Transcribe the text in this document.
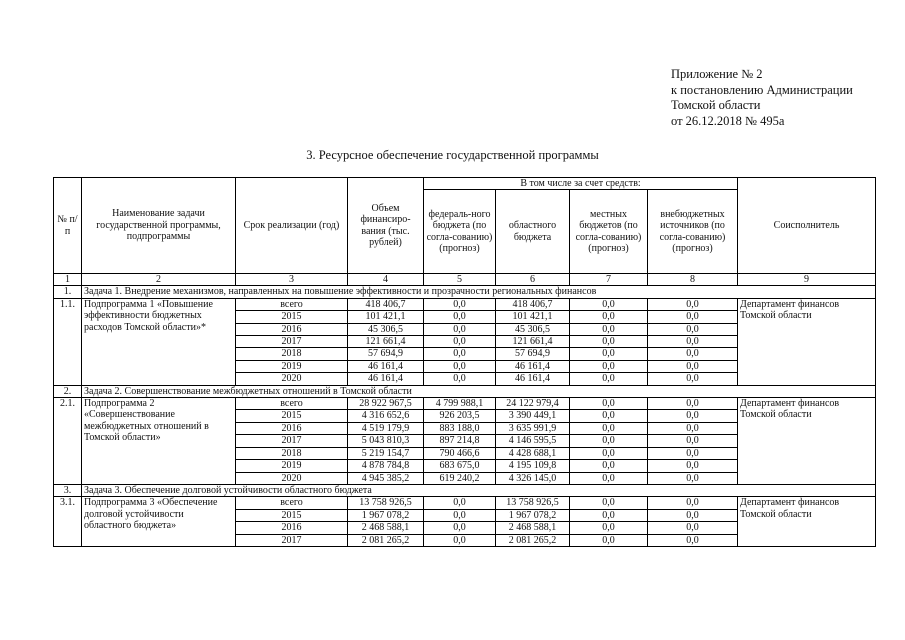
Приложение № 2
к постановлению Администрации
Томской области
от 26.12.2018 № 495а
3. Ресурсное обеспечение государственной программы
№ п/п	Наименование задачи государственной программы, подпрограммы	Срок реализации (год)	Объем финансиро-вания (тыс. рублей)	В том числе за счет средств:				Соисполнитель
				федераль-ного бюджета (по согла-сованию) (прогноз)	областного бюджета	местных бюджетов (по согла-сованию) (прогноз)	внебюджетных источников (по согла-сованию) (прогноз)	
1	2	3	4	5	6	7	8	9
1.	Задача 1. Внедрение механизмов, направленных на повышение эффективности и прозрачности региональных финансов							
1.1.	Подпрограмма 1 «Повышение эффективности бюджетных расходов Томской области»*	всего	418 406,7	0,0	418 406,7	0,0	0,0	Департамент финансов Томской области
		2015	101 421,1	0,0	101 421,1	0,0	0,0	
		2016	45 306,5	0,0	45 306,5	0,0	0,0	
		2017	121 661,4	0,0	121 661,4	0,0	0,0	
		2018	57 694,9	0,0	57 694,9	0,0	0,0	
		2019	46 161,4	0,0	46 161,4	0,0	0,0	
		2020	46 161,4	0,0	46 161,4	0,0	0,0	
2.	Задача 2. Совершенствование межбюджетных отношений в Томской области							
2.1.	Подпрограмма 2 «Совершенствование межбюджетных отношений в Томской области»	всего	28 922 967,5	4 799 988,1	24 122 979,4	0,0	0,0	Департамент финансов Томской области
		2015	4 316 652,6	926 203,5	3 390 449,1	0,0	0,0	
		2016	4 519 179,9	883 188,0	3 635 991,9	0,0	0,0	
		2017	5 043 810,3	897 214,8	4 146 595,5	0,0	0,0	
		2018	5 219 154,7	790 466,6	4 428 688,1	0,0	0,0	
		2019	4 878 784,8	683 675,0	4 195 109,8	0,0	0,0	
		2020	4 945 385,2	619 240,2	4 326 145,0	0,0	0,0	
3.	Задача 3. Обеспечение долговой устойчивости областного бюджета							
3.1.	Подпрограмма 3 «Обеспечение долговой устойчивости областного бюджета»	всего	13 758 926,5	0,0	13 758 926,5	0,0	0,0	Департамент финансов Томской области
		2015	1 967 078,2	0,0	1 967 078,2	0,0	0,0	
		2016	2 468 588,1	0,0	2 468 588,1	0,0	0,0	
		2017	2 081 265,2	0,0	2 081 265,2	0,0	0,0	
